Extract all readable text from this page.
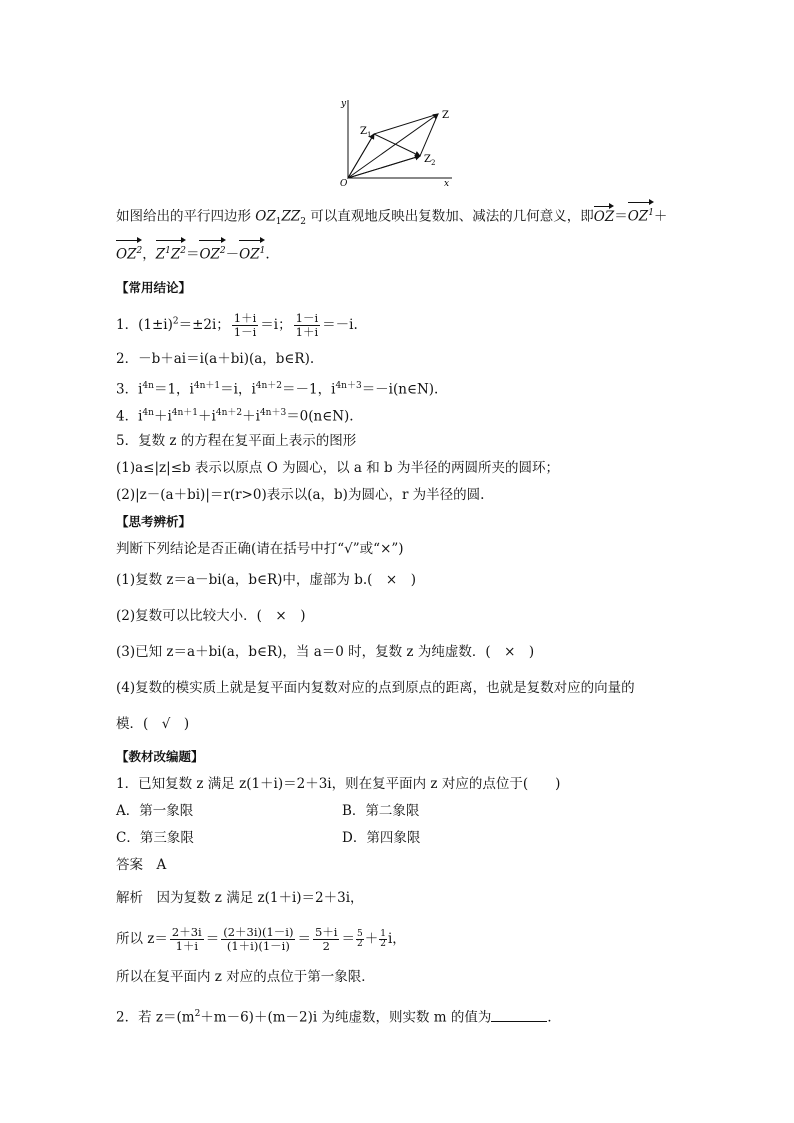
y
x
O
$Z_1$
Z
$Z_2$
如图给出的平行四边形 $OZ_1ZZ_2$ 可以直观地反映出复数加、减法的几何意义，即$OZ=OZ^1+$
$OZ^2$，$Z^1Z^2=OZ^2-OZ^1$.
【常用结论】
1．$(1\pm i)^2=\pm 2i$； $\frac{1+i}{1-i} =i$； $\frac{1-i}{1+i} =-i$.
2．－b＋ai＝i(a＋bi)(a，b∈R).
3．$i^{4n}=1$，$i^{4n+1}=i$，$i^{4n+2}=-1$，$i^{4n+3}=-i(n\in N)$.
4．$i^{4n}+i^{4n+1}+i^{4n+2}+i^{4n+3}=0(n\in N)$.
5．复数 z 的方程在复平面上表示的图形
(1)a≤|z|≤b 表示以原点 O 为圆心，以 a 和 b 为半径的两圆所夹的圆环；
(2)|z－(a＋bi)|＝r(r>0)表示以(a，b)为圆心，r 为半径的圆.
【思考辨析】
判断下列结论是否正确(请在括号中打“√”或“×”)
(1)复数 z＝a－bi(a，b∈R)中，虚部为 b.(　×　)
(2)复数可以比较大小．(　×　)
(3)已知 z＝a＋bi(a，b∈R)，当 a＝0 时，复数 z 为纯虚数．(　×　)
(4)复数的模实质上就是复平面内复数对应的点到原点的距离，也就是复数对应的向量的
模．(　√　)
【教材改编题】
1．已知复数 z 满足 z(1＋i)＝2＋3i，则在复平面内 z 对应的点位于(　　)
A．第一象限	B．第二象限
C．第三象限	D．第四象限
答案　A
解析　因为复数 z 满足 z(1＋i)＝2＋3i，
所以 $z= \frac{2+3i}{1+i} = \frac{(2+3i)(1-i)}{(1+i)(1-i)} = \frac{5+i}{2} = \frac{5}{2} + \frac{1}{2}$ i，
所以在复平面内 z 对应的点位于第一象限．
2．若 $z=(m^2+m-6)+(m-2)i$ 为纯虚数，则实数 m 的值为	．
